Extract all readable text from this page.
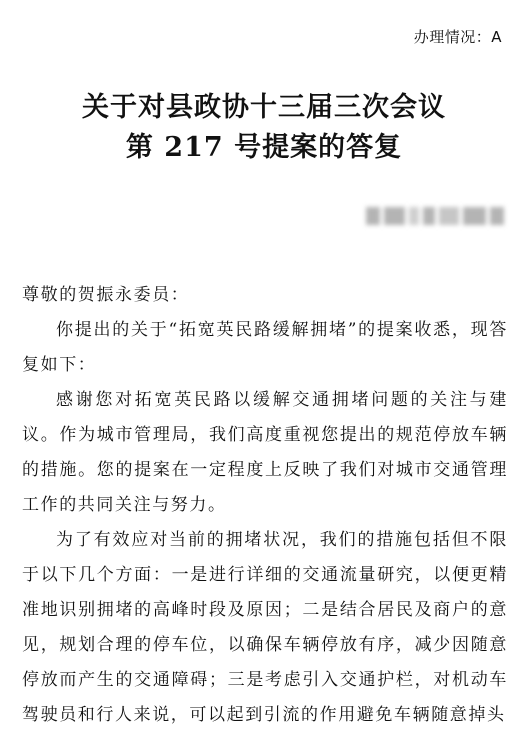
办理情况：A
关于对县政协十三届三次会议
第 217 号提案的答复

尊敬的贺振永委员：

你提出的关于“拓宽英民路缓解拥堵”的提案收悉，现答复如下：

感谢您对拓宽英民路以缓解交通拥堵问题的关注与建议。作为城市管理局，我们高度重视您提出的规范停放车辆的措施。您的提案在一定程度上反映了我们对城市交通管理工作的共同关注与努力。

为了有效应对当前的拥堵状况，我们的措施包括但不限于以下几个方面：一是进行详细的交通流量研究，以便更精准地识别拥堵的高峰时段及原因；二是结合居民及商户的意见，规划合理的停车位，以确保车辆停放有序，减少因随意停放而产生的交通障碍；三是考虑引入交通护栏，对机动车驾驶员和行人来说，可以起到引流的作用避免车辆随意掉头
